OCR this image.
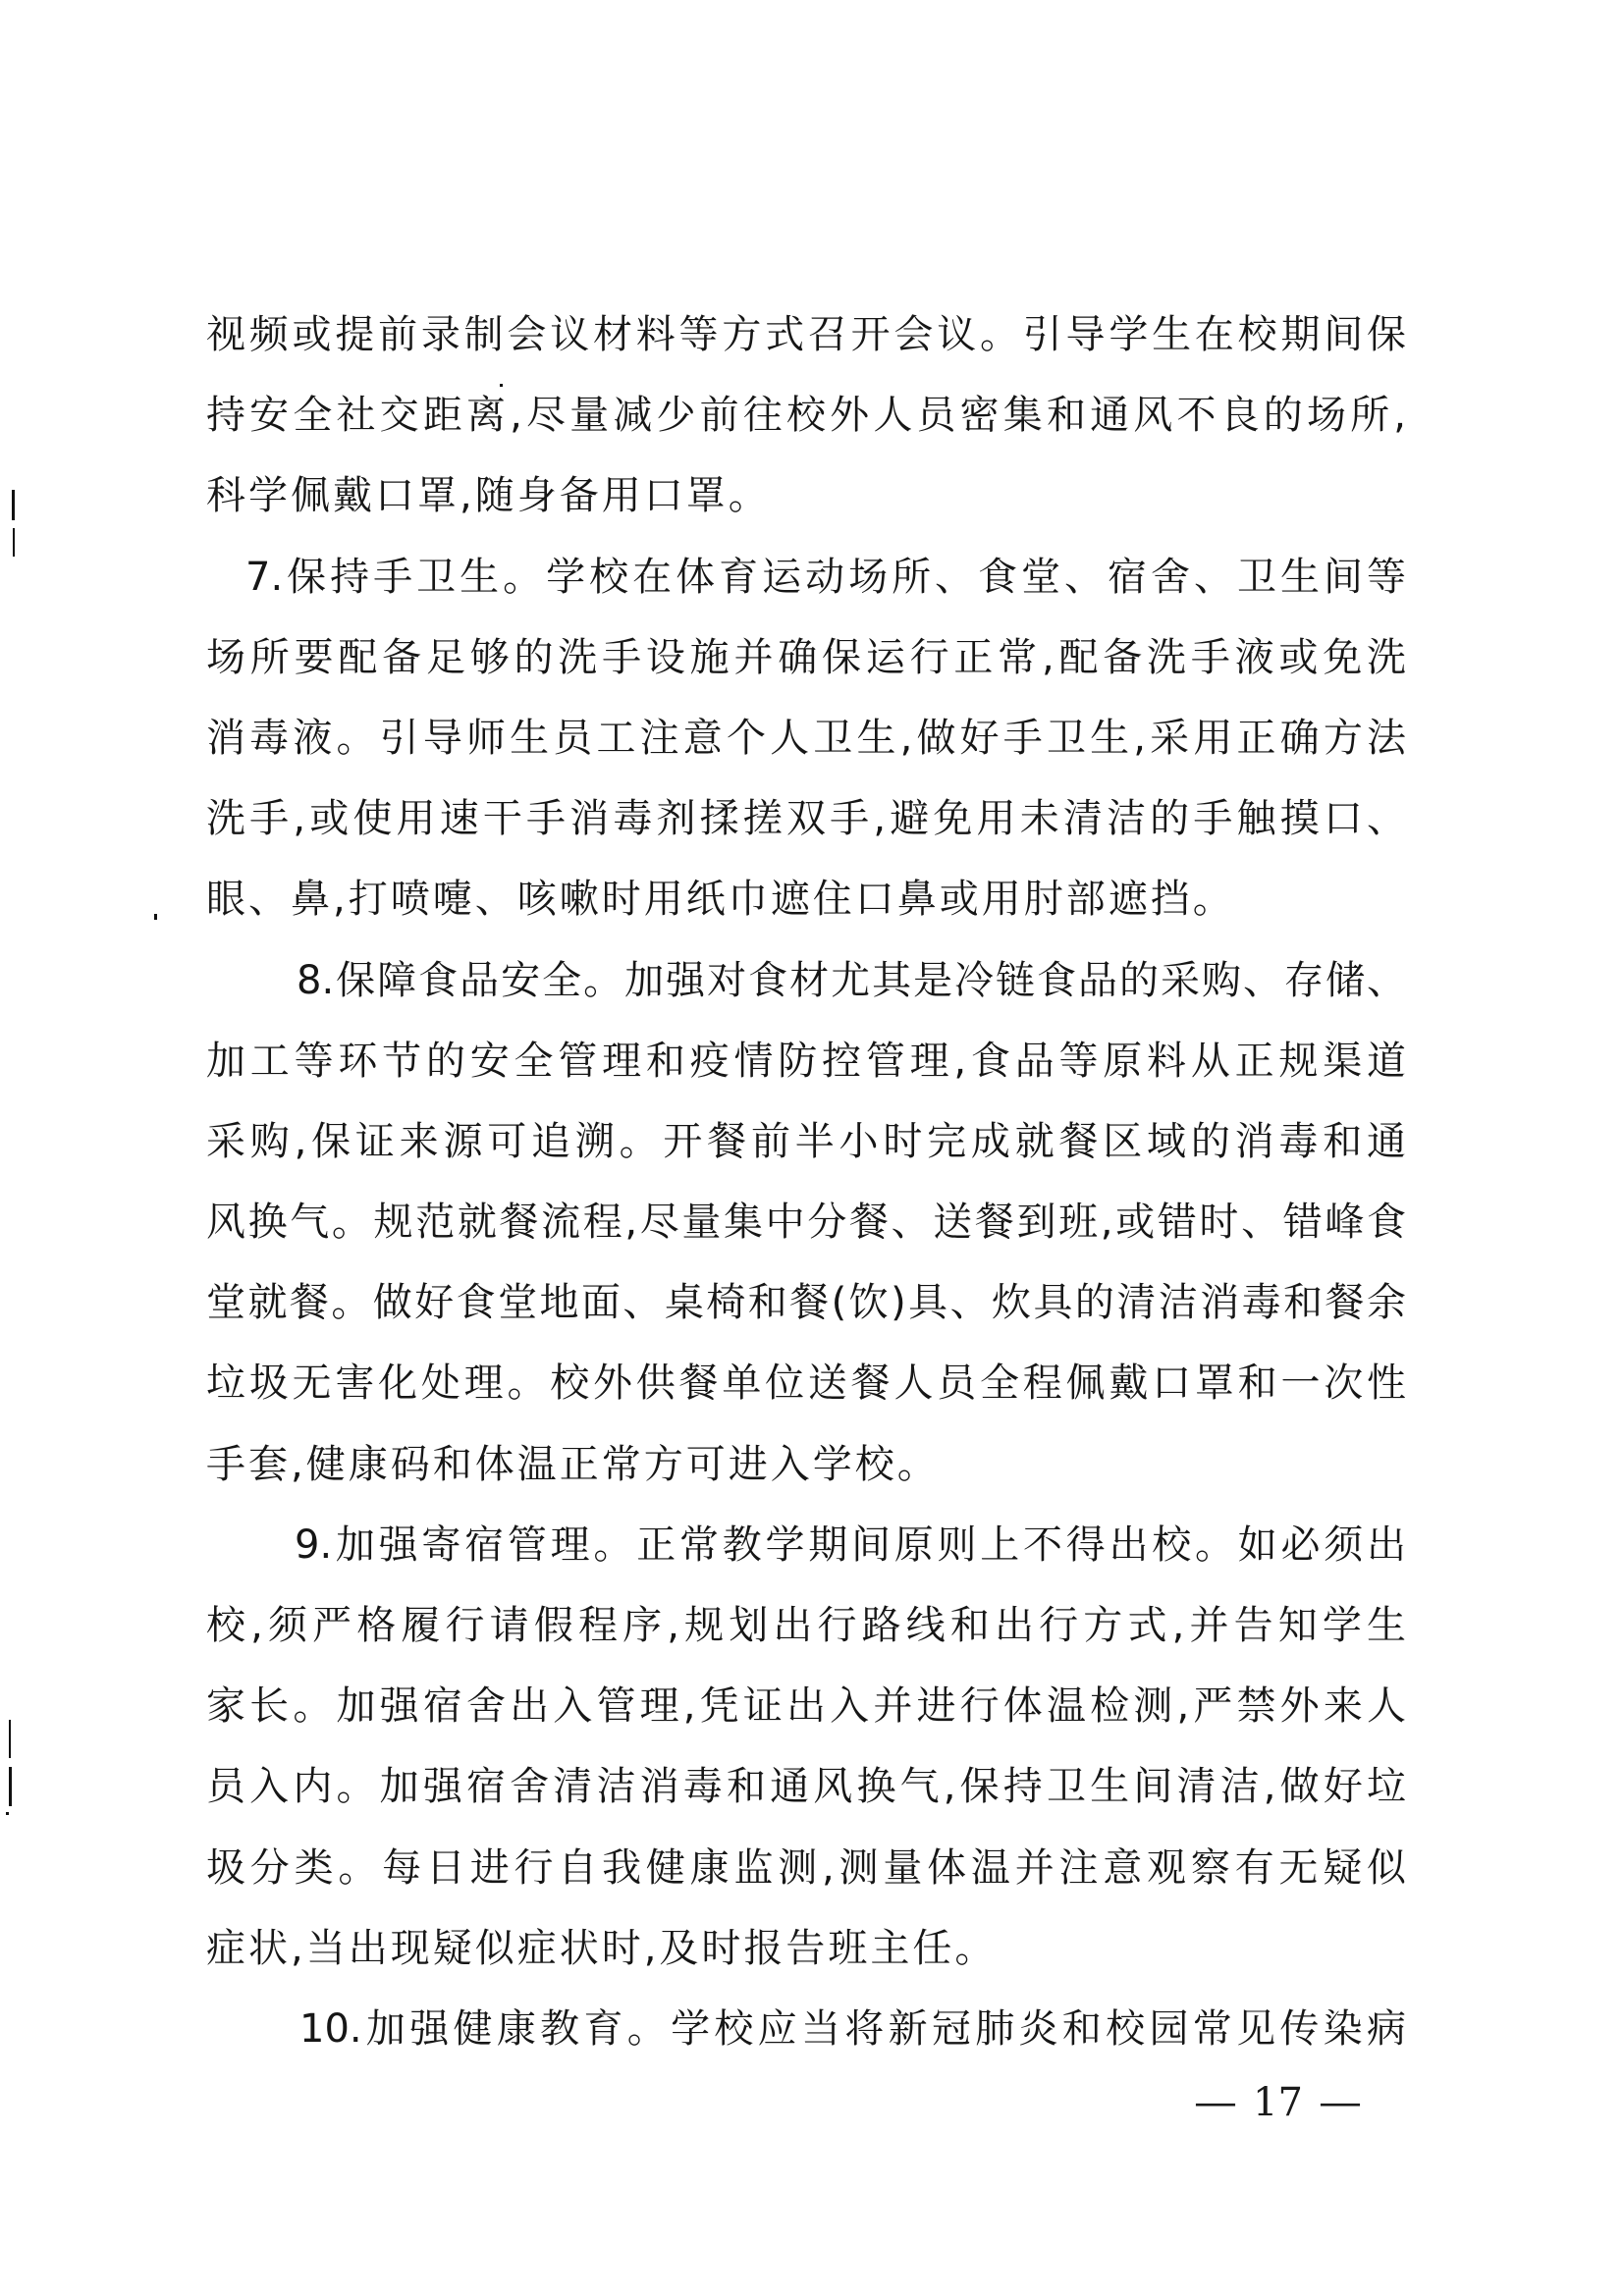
视频或提前录制会议材料等方式召开会议。引导学生在校期间保
持安全社交距离,尽量减少前往校外人员密集和通风不良的场所,
科学佩戴口罩,随身备用口罩。
7.保持手卫生。学校在体育运动场所、食堂、宿舍、卫生间等
场所要配备足够的洗手设施并确保运行正常,配备洗手液或免洗
消毒液。引导师生员工注意个人卫生,做好手卫生,采用正确方法
洗手,或使用速干手消毒剂揉搓双手,避免用未清洁的手触摸口、
眼、鼻,打喷嚏、咳嗽时用纸巾遮住口鼻或用肘部遮挡。
8.保障食品安全。加强对食材尤其是冷链食品的采购、存储、
加工等环节的安全管理和疫情防控管理,食品等原料从正规渠道
采购,保证来源可追溯。开餐前半小时完成就餐区域的消毒和通
风换气。规范就餐流程,尽量集中分餐、送餐到班,或错时、错峰食
堂就餐。做好食堂地面、桌椅和餐(饮)具、炊具的清洁消毒和餐余
垃圾无害化处理。校外供餐单位送餐人员全程佩戴口罩和一次性
手套,健康码和体温正常方可进入学校。
9.加强寄宿管理。正常教学期间原则上不得出校。如必须出
校,须严格履行请假程序,规划出行路线和出行方式,并告知学生
家长。加强宿舍出入管理,凭证出入并进行体温检测,严禁外来人
员入内。加强宿舍清洁消毒和通风换气,保持卫生间清洁,做好垃
圾分类。每日进行自我健康监测,测量体温并注意观察有无疑似
症状,当出现疑似症状时,及时报告班主任。
10.加强健康教育。学校应当将新冠肺炎和校园常见传染病
— 17 —
